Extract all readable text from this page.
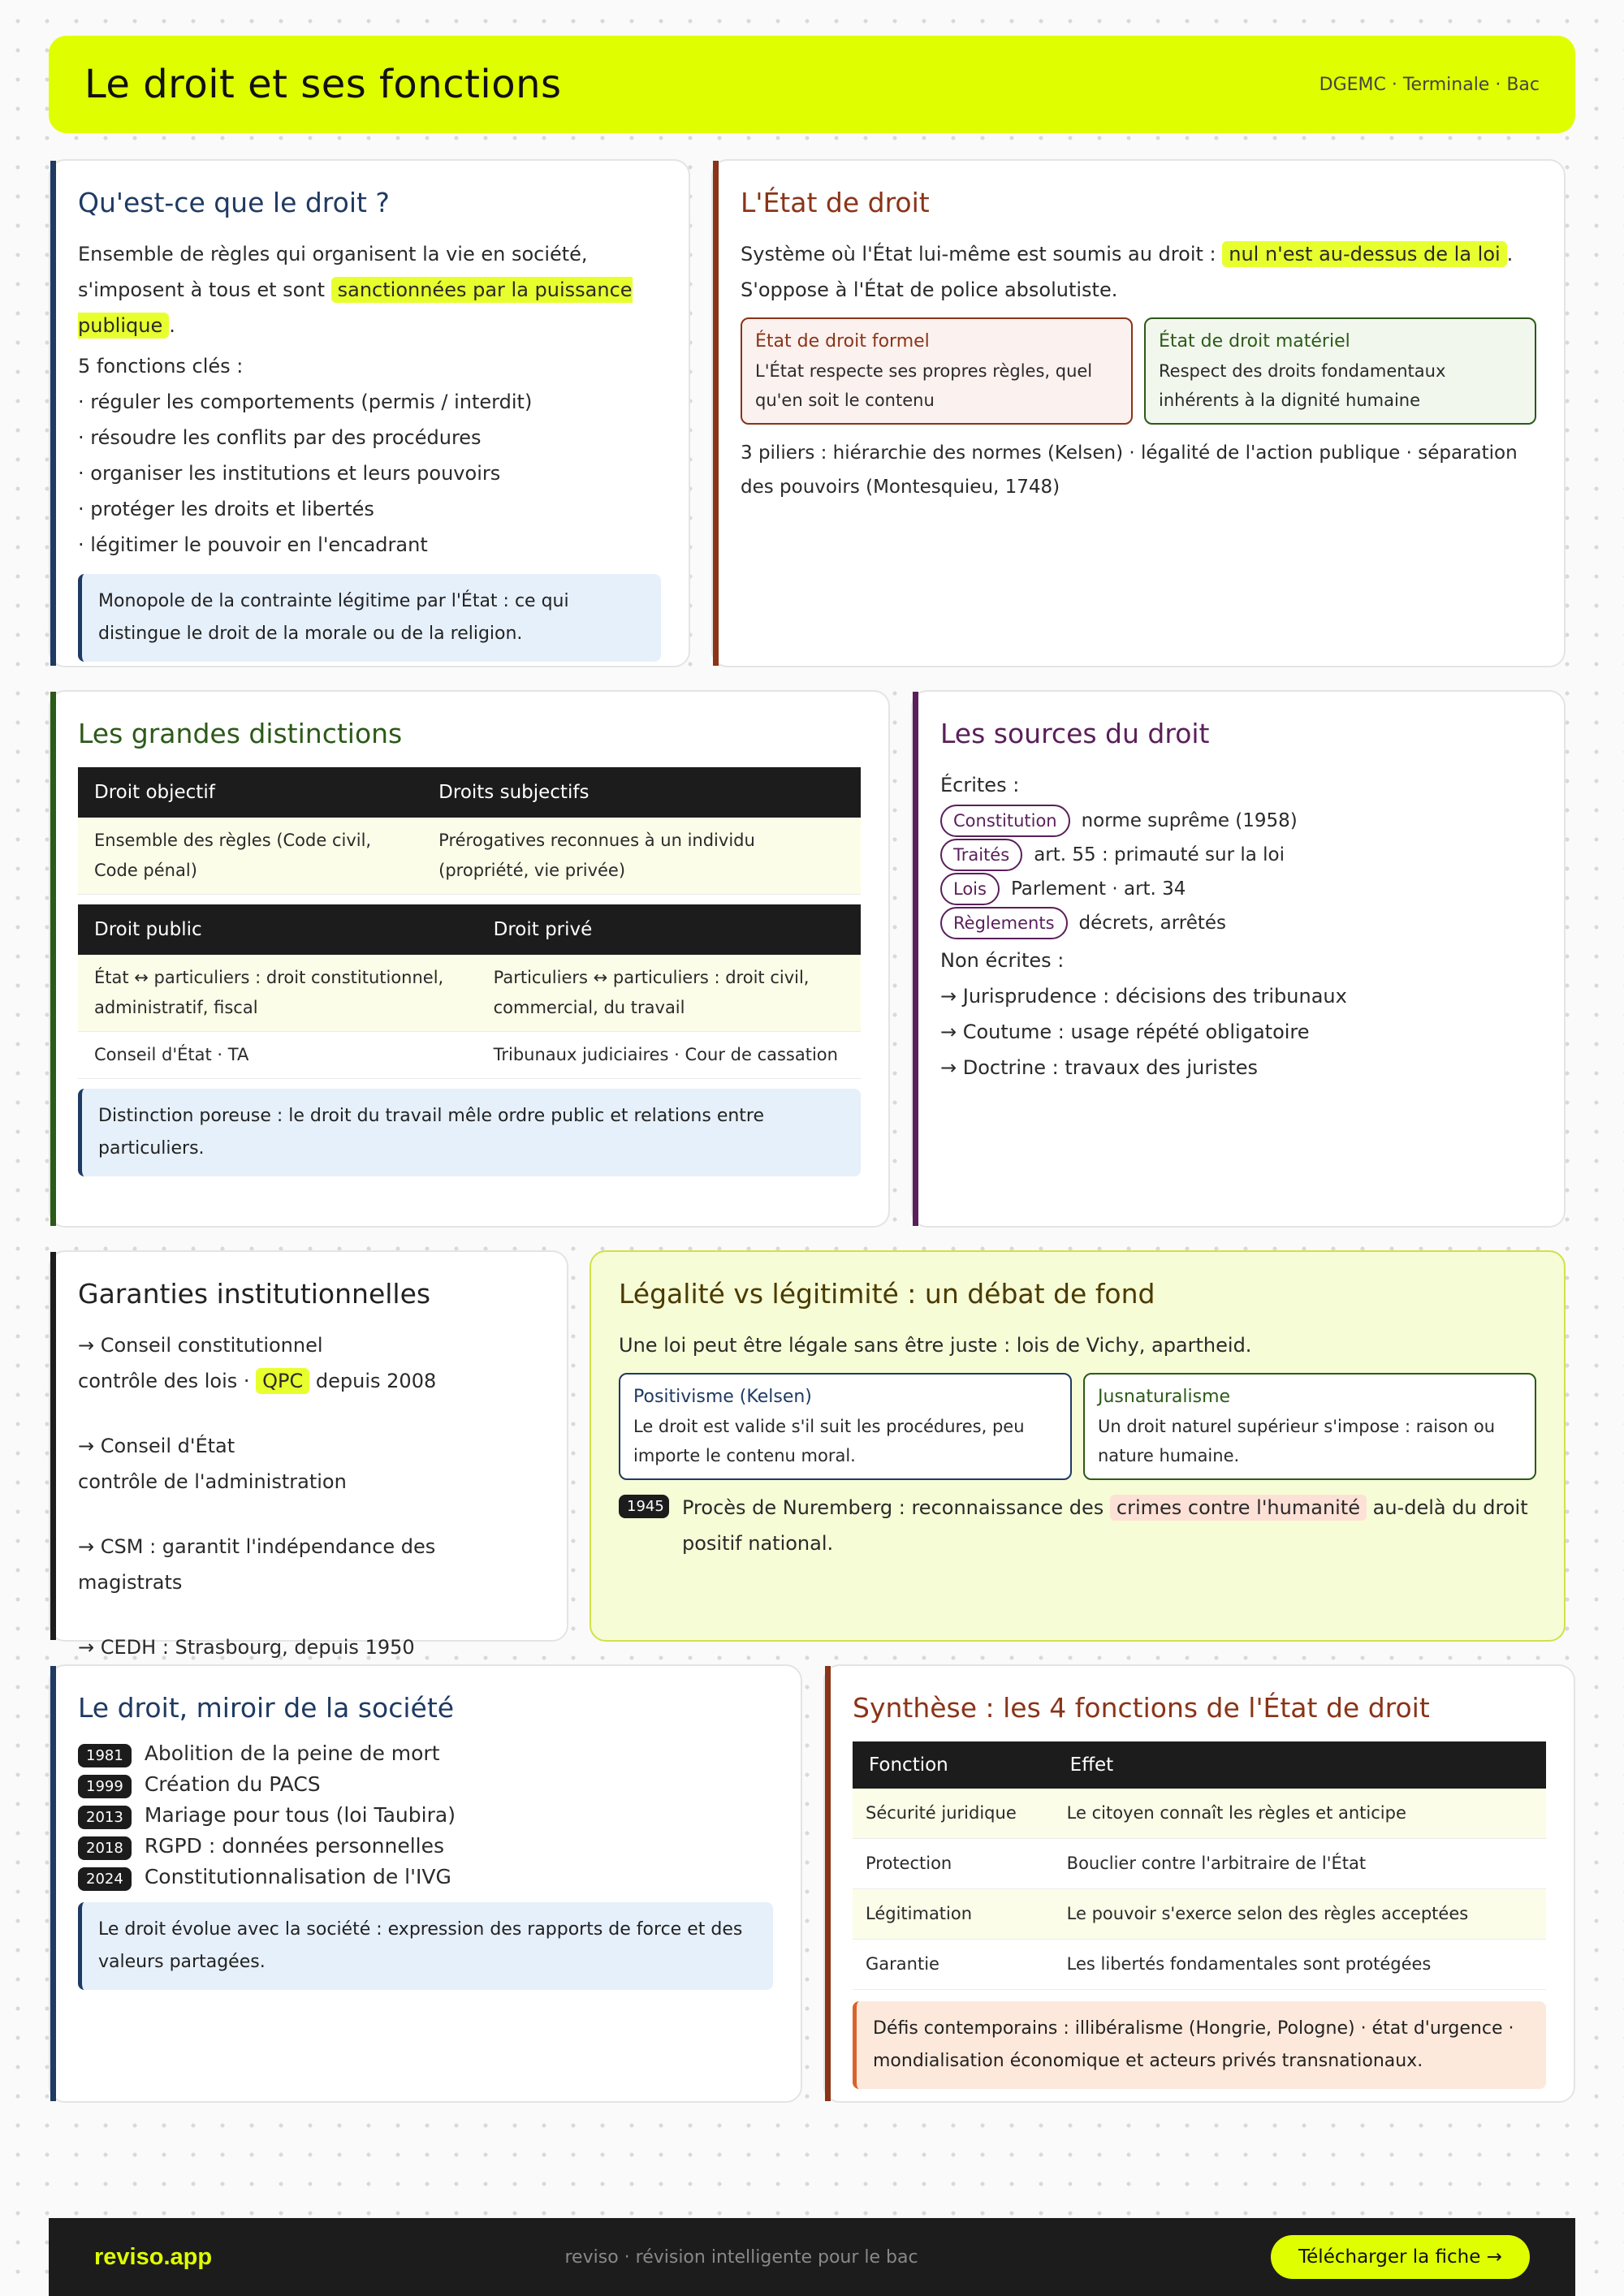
Le droit et ses fonctions	DGEMC · Terminale · Bac
Qu'est-ce que le droit ?

Ensemble de règles qui organisent la vie en société, s'imposent à tous et sont sanctionnées par la puissance publique .

5 fonctions clés :

· réguler les comportements (permis / interdit)
· résoudre les conflits par des procédures
· organiser les institutions et leurs pouvoirs
· protéger les droits et libertés
· légitimer le pouvoir en l'encadrant
Monopole de la contrainte légitime par l'État : ce qui distingue le droit de la morale ou de la religion.
L'État de droit

Système où l'État lui-même est soumis au droit : nul n'est au-dessus de la loi . S'oppose à l'État de police absolutiste.

État de droit formel
L'État respecte ses propres règles, quel qu'en soit le contenu
État de droit matériel
Respect des droits fondamentaux inhérents à la dignité humaine

3 piliers : hiérarchie des normes (Kelsen) · légalité de l'action publique · séparation des pouvoirs (Montesquieu, 1748)

Les grandes distinctions
Droit objectif	Droits subjectifs
Ensemble des règles (Code civil, Code pénal)	Prérogatives reconnues à un individu (propriété, vie privée)
Droit public	Droit privé
État ↔ particuliers : droit constitutionnel, administratif, fiscal	Particuliers ↔ particuliers : droit civil, commercial, du travail
Conseil d'État · TA	Tribunaux judiciaires · Cour de cassation
Distinction poreuse : le droit du travail mêle ordre public et relations entre particuliers.
Les sources du droit

Écrites :

Constitution norme suprême (1958)
Traités art. 55 : primauté sur la loi
Lois Parlement · art. 34
Règlements décrets, arrêtés

Non écrites :

→ Jurisprudence : décisions des tribunaux
→ Coutume : usage répété obligatoire
→ Doctrine : travaux des juristes
Garanties institutionnelles

→ Conseil constitutionnel

contrôle des lois · QPC depuis 2008

→ Conseil d'État

contrôle de l'administration

→ CSM : garantit l'indépendance des magistrats

→ CEDH : Strasbourg, depuis 1950

Légalité vs légitimité : un débat de fond

Une loi peut être légale sans être juste : lois de Vichy, apartheid.

Positivisme (Kelsen)
Le droit est valide s'il suit les procédures, peu importe le contenu moral.
Jusnaturalisme
Un droit naturel supérieur s'impose : raison ou nature humaine.
1945 Procès de Nuremberg : reconnaissance des crimes contre l'humanité au-delà du droit positif national.

Le droit, miroir de la société
1981 Abolition de la peine de mort
1999 Création du PACS
2013 Mariage pour tous (loi Taubira)
2018 RGPD : données personnelles
2024 Constitutionnalisation de l'IVG
Le droit évolue avec la société : expression des rapports de force et des valeurs partagées.
Synthèse : les 4 fonctions de l'État de droit
Fonction	Effet
Sécurité juridique	Le citoyen connaît les règles et anticipe
Protection	Bouclier contre l'arbitraire de l'État
Légitimation	Le pouvoir s'exerce selon des règles acceptées
Garantie	Les libertés fondamentales sont protégées
Défis contemporains : illibéralisme (Hongrie, Pologne) · état d'urgence · mondialisation économique et acteurs privés transnationaux.
reviso.app	reviso · révision intelligente pour le bac	Télécharger la fiche →
